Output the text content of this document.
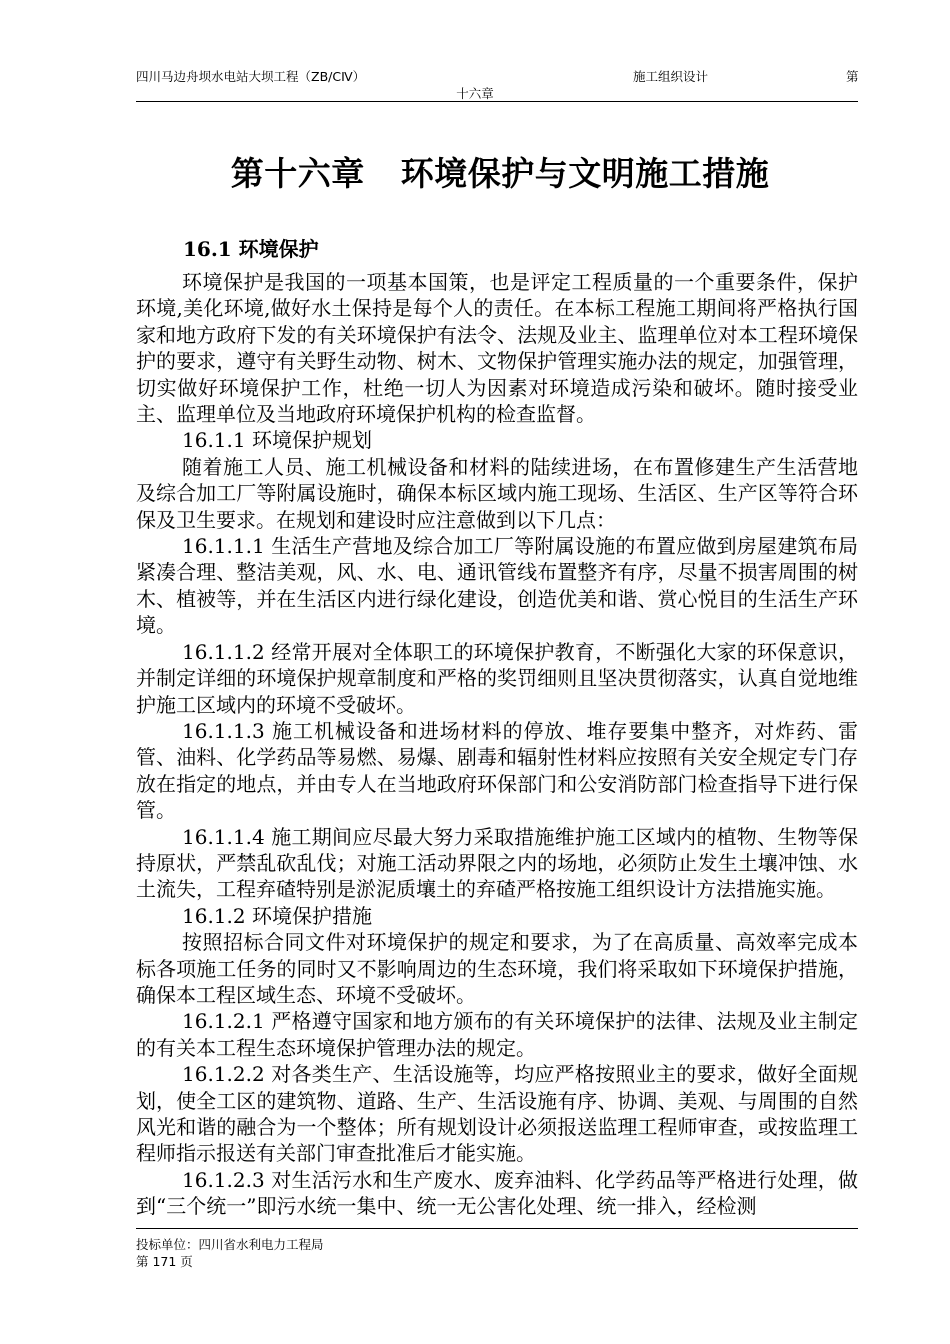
四川马边舟坝水电站大坝工程（ZB/CⅣ）	施工组织设计	第
十六章
第十六章   环境保护与文明施工措施
16.1 环境保护

环境保护是我国的一项基本国策，也是评定工程质量的一个重要条件，保护环境,美化环境,做好水土保持是每个人的责任。在本标工程施工期间将严格执行国家和地方政府下发的有关环境保护有法令、法规及业主、监理单位对本工程环境保护的要求，遵守有关野生动物、树木、文物保护管理实施办法的规定，加强管理，切实做好环境保护工作，杜绝一切人为因素对环境造成污染和破坏。随时接受业主、监理单位及当地政府环境保护机构的检查监督。

16.1.1 环境保护规划

随着施工人员、施工机械设备和材料的陆续进场，在布置修建生产生活营地及综合加工厂等附属设施时，确保本标区域内施工现场、生活区、生产区等符合环保及卫生要求。在规划和建设时应注意做到以下几点：

16.1.1.1 生活生产营地及综合加工厂等附属设施的布置应做到房屋建筑布局紧凑合理、整洁美观，风、水、电、通讯管线布置整齐有序，尽量不损害周围的树木、植被等，并在生活区内进行绿化建设，创造优美和谐、赏心悦目的生活生产环境。

16.1.1.2 经常开展对全体职工的环境保护教育，不断强化大家的环保意识，并制定详细的环境保护规章制度和严格的奖罚细则且坚决贯彻落实，认真自觉地维护施工区域内的环境不受破坏。

16.1.1.3 施工机械设备和进场材料的停放、堆存要集中整齐，对炸药、雷管、油料、化学药品等易燃、易爆、剧毒和辐射性材料应按照有关安全规定专门存放在指定的地点，并由专人在当地政府环保部门和公安消防部门检查指导下进行保管。

16.1.1.4 施工期间应尽最大努力采取措施维护施工区域内的植物、生物等保持原状，严禁乱砍乱伐；对施工活动界限之内的场地，必须防止发生土壤冲蚀、水土流失，工程弃碴特别是淤泥质壤土的弃碴严格按施工组织设计方法措施实施。

16.1.2 环境保护措施

按照招标合同文件对环境保护的规定和要求，为了在高质量、高效率完成本标各项施工任务的同时又不影响周边的生态环境，我们将采取如下环境保护措施，确保本工程区域生态、环境不受破坏。

16.1.2.1 严格遵守国家和地方颁布的有关环境保护的法律、法规及业主制定的有关本工程生态环境保护管理办法的规定。

16.1.2.2 对各类生产、生活设施等，均应严格按照业主的要求，做好全面规划，使全工区的建筑物、道路、生产、生活设施有序、协调、美观、与周围的自然风光和谐的融合为一个整体；所有规划设计必须报送监理工程师审查，或按监理工程师指示报送有关部门审查批准后才能实施。

16.1.2.3 对生活污水和生产废水、废弃油料、化学药品等严格进行处理，做到“三个统一”即污水统一集中、统一无公害化处理、统一排入，经检测

投标单位：四川省水利电力工程局
第 171 页
